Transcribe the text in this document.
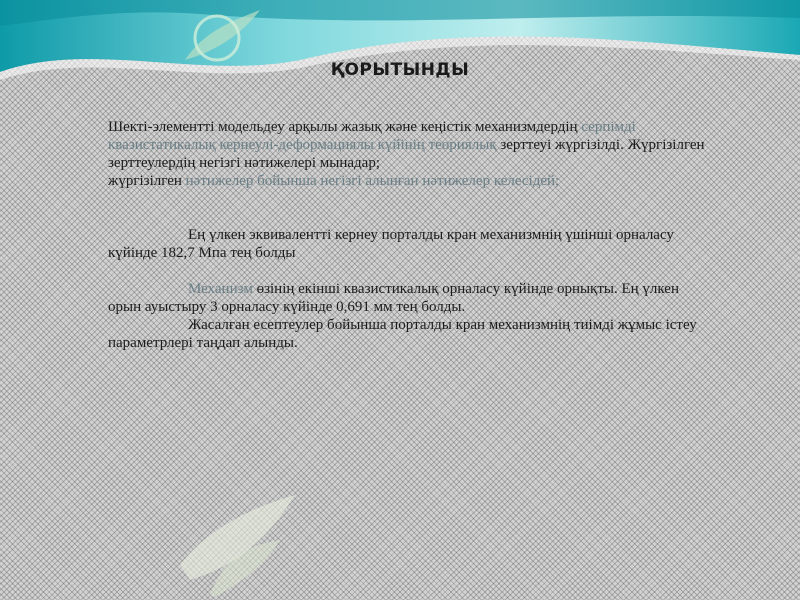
ҚОРЫТЫНДЫ

Шекті-элементті модельдеу арқылы жазық және кеңістік механизмдердің серпімді квазистатикалық кернеулі-деформациялы күйінің теориялық зерттеуі жүргізілді. Жүргізілген зерттеулердің негізгі нәтижелері мынадар;

жүргізілген нәтижелер бойынша негізгі алынған нәтижелер келесідей;

Ең үлкен эквивалентті кернеу порталды кран механизмнің үшінші орналасу күйінде 182,7 Мпа тең болды

Механизм өзінің екінші квазистикалық орналасу күйінде орнықты. Ең үлкен орын ауыстыру 3 орналасу күйінде 0,691 мм тең болды.

Жасалған есептеулер бойынша порталды кран механизмнің тиімді жұмыс істеу параметрлері таңдап алынды.
